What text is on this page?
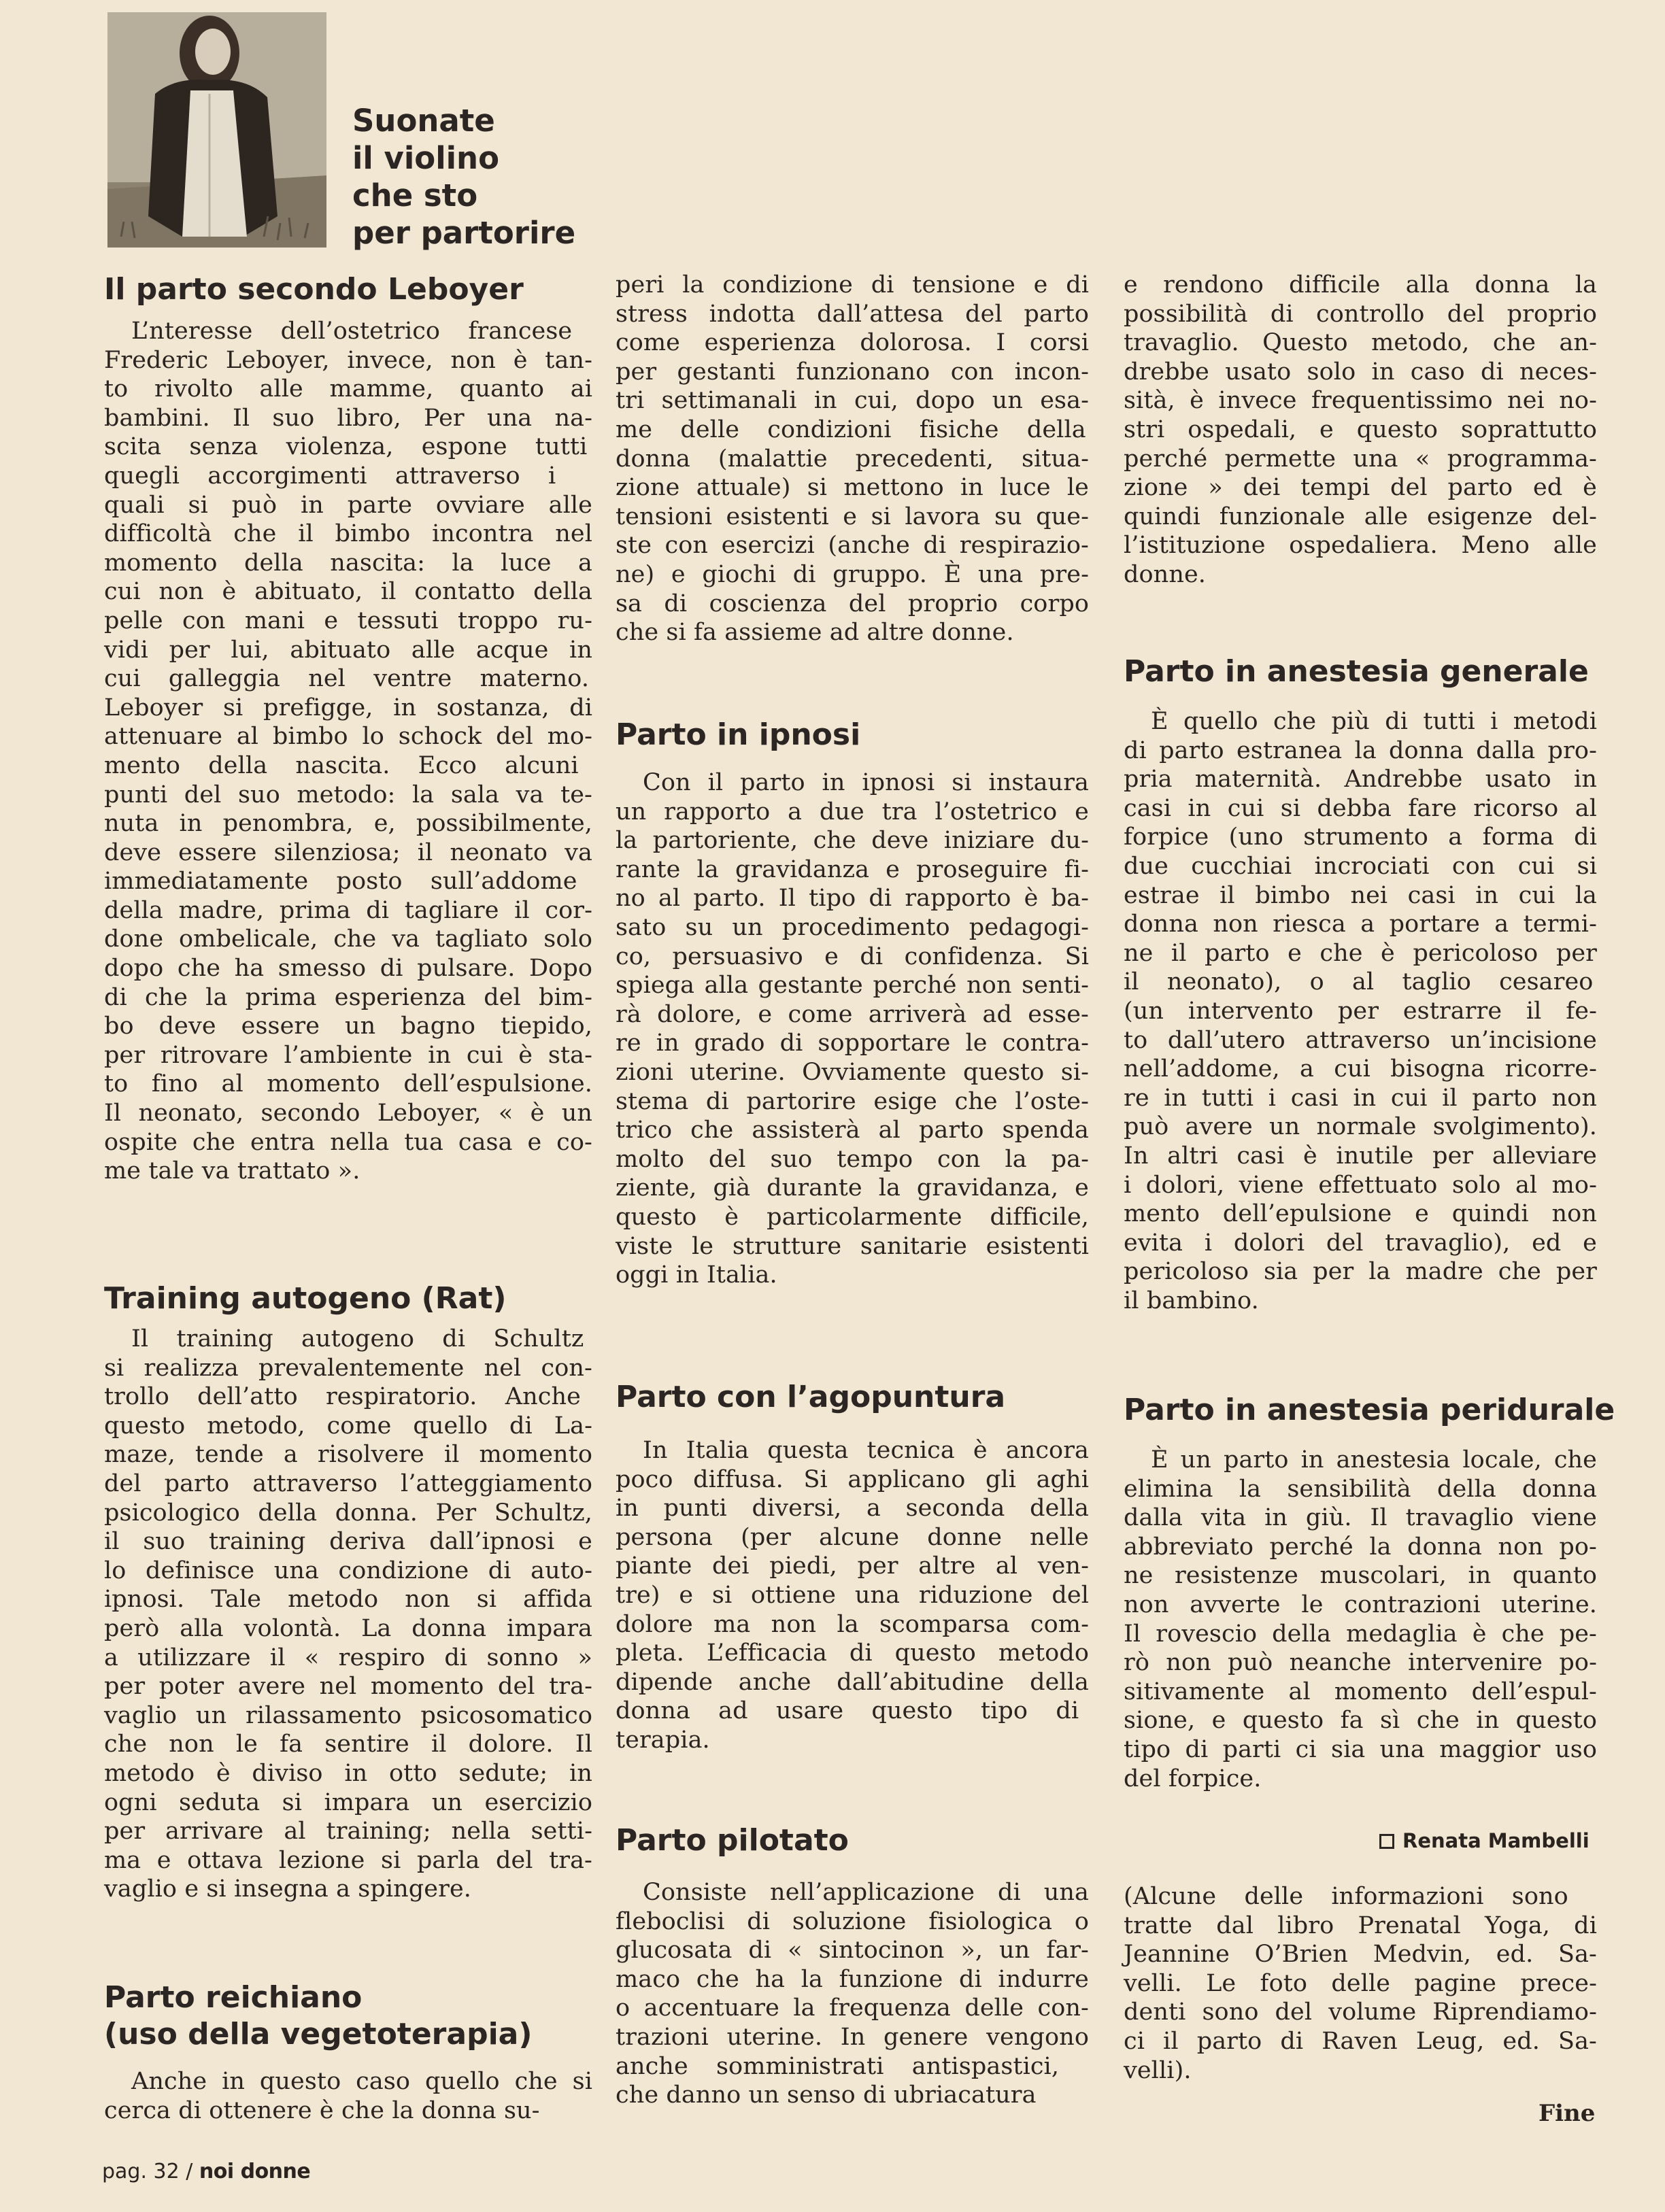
Suonate
il violino
che sto
per partorire
Il parto secondo Leboyer
L’nteresse dell’ostetrico francese
Frederic Leboyer, invece, non è tan-
to rivolto alle mamme, quanto ai
bambini. Il suo libro, Per una na-
scita senza violenza, espone tutti
quegli accorgimenti attraverso i
quali si può in parte ovviare alle
difficoltà che il bimbo incontra nel
momento della nascita: la luce a
cui non è abituato, il contatto della
pelle con mani e tessuti troppo ru-
vidi per lui, abituato alle acque in
cui galleggia nel ventre materno.
Leboyer si prefigge, in sostanza, di
attenuare al bimbo lo schock del mo-
mento della nascita. Ecco alcuni
punti del suo metodo: la sala va te-
nuta in penombra, e, possibilmente,
deve essere silenziosa; il neonato va
immediatamente posto sull’addome
della madre, prima di tagliare il cor-
done ombelicale, che va tagliato solo
dopo che ha smesso di pulsare. Dopo
di che la prima esperienza del bim-
bo deve essere un bagno tiepido,
per ritrovare l’ambiente in cui è sta-
to fino al momento dell’espulsione.
Il neonato, secondo Leboyer, « è un
ospite che entra nella tua casa e co-
me tale va trattato ».
Training autogeno (Rat)
Il training autogeno di Schultz
si realizza prevalentemente nel con-
trollo dell’atto respiratorio. Anche
questo metodo, come quello di La-
maze, tende a risolvere il momento
del parto attraverso l’atteggiamento
psicologico della donna. Per Schultz,
il suo training deriva dall’ipnosi e
lo definisce una condizione di auto-
ipnosi. Tale metodo non si affida
però alla volontà. La donna impara
a utilizzare il « respiro di sonno »
per poter avere nel momento del tra-
vaglio un rilassamento psicosomatico
che non le fa sentire il dolore. Il
metodo è diviso in otto sedute; in
ogni seduta si impara un esercizio
per arrivare al training; nella setti-
ma e ottava lezione si parla del tra-
vaglio e si insegna a spingere.
Parto reichiano
(uso della vegetoterapia)
Anche in questo caso quello che si
cerca di ottenere è che la donna su-
peri la condizione di tensione e di
stress indotta dall’attesa del parto
come esperienza dolorosa. I corsi
per gestanti funzionano con incon-
tri settimanali in cui, dopo un esa-
me delle condizioni fisiche della
donna (malattie precedenti, situa-
zione attuale) si mettono in luce le
tensioni esistenti e si lavora su que-
ste con esercizi (anche di respirazio-
ne) e giochi di gruppo. È una pre-
sa di coscienza del proprio corpo
che si fa assieme ad altre donne.
Parto in ipnosi
Con il parto in ipnosi si instaura
un rapporto a due tra l’ostetrico e
la partoriente, che deve iniziare du-
rante la gravidanza e proseguire fi-
no al parto. Il tipo di rapporto è ba-
sato su un procedimento pedagogi-
co, persuasivo e di confidenza. Si
spiega alla gestante perché non senti-
rà dolore, e come arriverà ad esse-
re in grado di sopportare le contra-
zioni uterine. Ovviamente questo si-
stema di partorire esige che l’oste-
trico che assisterà al parto spenda
molto del suo tempo con la pa-
ziente, già durante la gravidanza, e
questo è particolarmente difficile,
viste le strutture sanitarie esistenti
oggi in Italia.
Parto con l’agopuntura
In Italia questa tecnica è ancora
poco diffusa. Si applicano gli aghi
in punti diversi, a seconda della
persona (per alcune donne nelle
piante dei piedi, per altre al ven-
tre) e si ottiene una riduzione del
dolore ma non la scomparsa com-
pleta. L’efficacia di questo metodo
dipende anche dall’abitudine della
donna ad usare questo tipo di
terapia.
Parto pilotato
Consiste nell’applicazione di una
fleboclisi di soluzione fisiologica o
glucosata di « sintocinon », un far-
maco che ha la funzione di indurre
o accentuare la frequenza delle con-
trazioni uterine. In genere vengono
anche somministrati antispastici,
che danno un senso di ubriacatura
e rendono difficile alla donna la
possibilità di controllo del proprio
travaglio. Questo metodo, che an-
drebbe usato solo in caso di neces-
sità, è invece frequentissimo nei no-
stri ospedali, e questo soprattutto
perché permette una « programma-
zione » dei tempi del parto ed è
quindi funzionale alle esigenze del-
l’istituzione ospedaliera. Meno alle
donne.
Parto in anestesia generale
È quello che più di tutti i metodi
di parto estranea la donna dalla pro-
pria maternità. Andrebbe usato in
casi in cui si debba fare ricorso al
forpice (uno strumento a forma di
due cucchiai incrociati con cui si
estrae il bimbo nei casi in cui la
donna non riesca a portare a termi-
ne il parto e che è pericoloso per
il neonato), o al taglio cesareo
(un intervento per estrarre il fe-
to dall’utero attraverso un’incisione
nell’addome, a cui bisogna ricorre-
re in tutti i casi in cui il parto non
può avere un normale svolgimento).
In altri casi è inutile per alleviare
i dolori, viene effettuato solo al mo-
mento dell’epulsione e quindi non
evita i dolori del travaglio), ed e
pericoloso sia per la madre che per
il bambino.
Parto in anestesia peridurale
È un parto in anestesia locale, che
elimina la sensibilità della donna
dalla vita in giù. Il travaglio viene
abbreviato perché la donna non po-
ne resistenze muscolari, in quanto
non avverte le contrazioni uterine.
Il rovescio della medaglia è che pe-
rò non può neanche intervenire po-
sitivamente al momento dell’espul-
sione, e questo fa sì che in questo
tipo di parti ci sia una maggior uso
del forpice.
Renata Mambelli
(Alcune delle informazioni sono
tratte dal libro Prenatal Yoga, di
Jeannine O’Brien Medvin, ed. Sa-
velli. Le foto delle pagine prece-
denti sono del volume Riprendiamo-
ci il parto di Raven Leug, ed. Sa-
velli).
Fine
pag. 32 / noi donne
